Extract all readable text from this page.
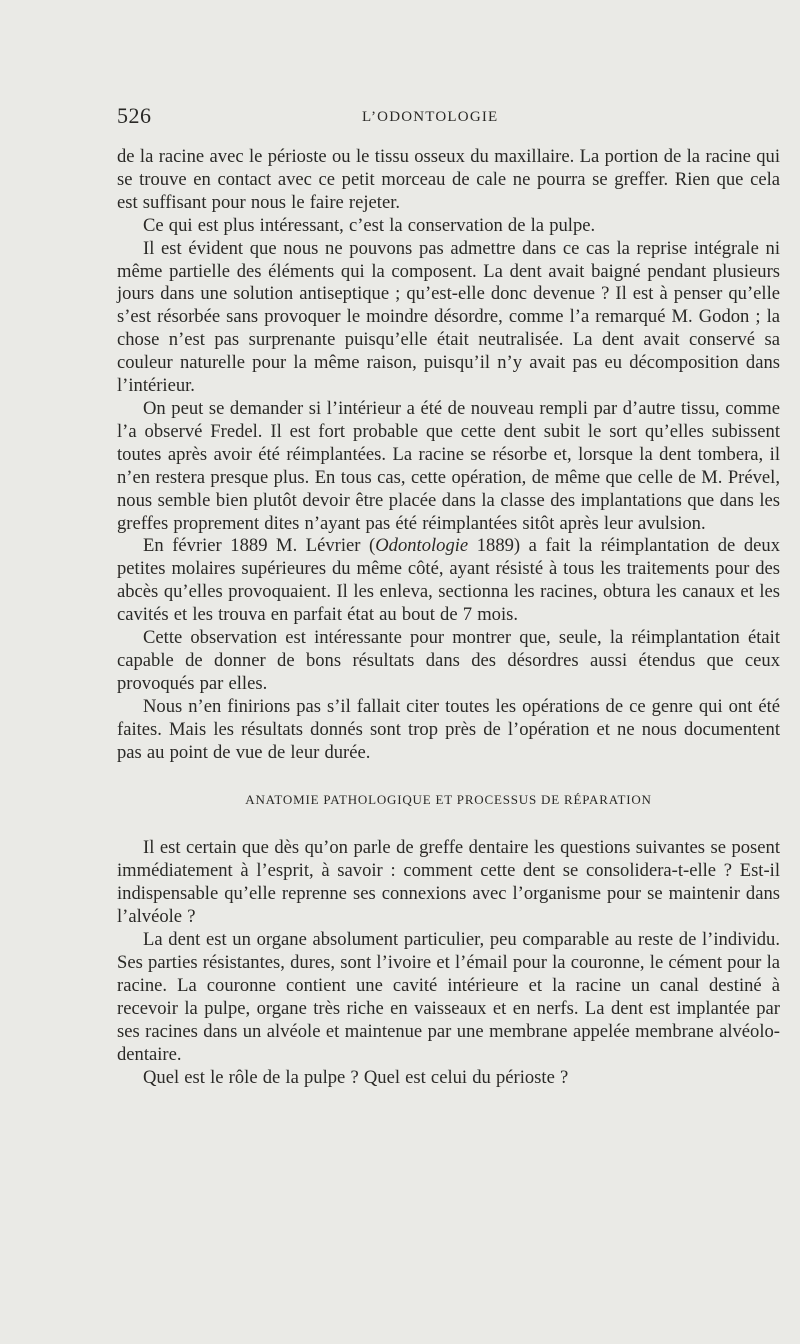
526	L’ODONTOLOGIE

de la racine avec le périoste ou le tissu osseux du maxillaire. La portion de la racine qui se trouve en contact avec ce petit morceau de cale ne pourra se greffer. Rien que cela est suffisant pour nous le faire rejeter.

Ce qui est plus intéressant, c’est la conservation de la pulpe.

Il est évident que nous ne pouvons pas admettre dans ce cas la reprise intégrale ni même partielle des éléments qui la composent. La dent avait baigné pendant plusieurs jours dans une solution antiseptique ; qu’est-elle donc devenue ? Il est à penser qu’elle s’est résorbée sans provoquer le moindre désordre, comme l’a remarqué M. Godon ; la chose n’est pas surprenante puisqu’elle était neutralisée. La dent avait conservé sa couleur naturelle pour la même raison, puisqu’il n’y avait pas eu décomposition dans l’intérieur.

On peut se demander si l’intérieur a été de nouveau rempli par d’autre tissu, comme l’a observé Fredel. Il est fort probable que cette dent subit le sort qu’elles subissent toutes après avoir été réimplantées. La racine se résorbe et, lorsque la dent tombera, il n’en restera presque plus. En tous cas, cette opération, de même que celle de M. Prével, nous semble bien plutôt devoir être placée dans la classe des implantations que dans les greffes proprement dites n’ayant pas été réimplantées sitôt après leur avulsion.

En février 1889 M. Lévrier (Odontologie 1889) a fait la réimplantation de deux petites molaires supérieures du même côté, ayant résisté à tous les traitements pour des abcès qu’elles provoquaient. Il les enleva, sectionna les racines, obtura les canaux et les cavités et les trouva en parfait état au bout de 7 mois.

Cette observation est intéressante pour montrer que, seule, la réimplantation était capable de donner de bons résultats dans des désordres aussi étendus que ceux provoqués par elles.

Nous n’en finirions pas s’il fallait citer toutes les opérations de ce genre qui ont été faites. Mais les résultats donnés sont trop près de l’opération et ne nous documentent pas au point de vue de leur durée.

ANATOMIE PATHOLOGIQUE ET PROCESSUS DE RÉPARATION

Il est certain que dès qu’on parle de greffe dentaire les questions suivantes se posent immédiatement à l’esprit, à savoir : comment cette dent se consolidera-t-elle ? Est-il indispensable qu’elle reprenne ses connexions avec l’organisme pour se maintenir dans l’alvéole ?

La dent est un organe absolument particulier, peu comparable au reste de l’individu. Ses parties résistantes, dures, sont l’ivoire et l’émail pour la couronne, le cément pour la racine. La couronne contient une cavité intérieure et la racine un canal destiné à recevoir la pulpe, organe très riche en vaisseaux et en nerfs. La dent est implantée par ses racines dans un alvéole et maintenue par une membrane appelée membrane alvéolo-dentaire.

Quel est le rôle de la pulpe ? Quel est celui du périoste ?
